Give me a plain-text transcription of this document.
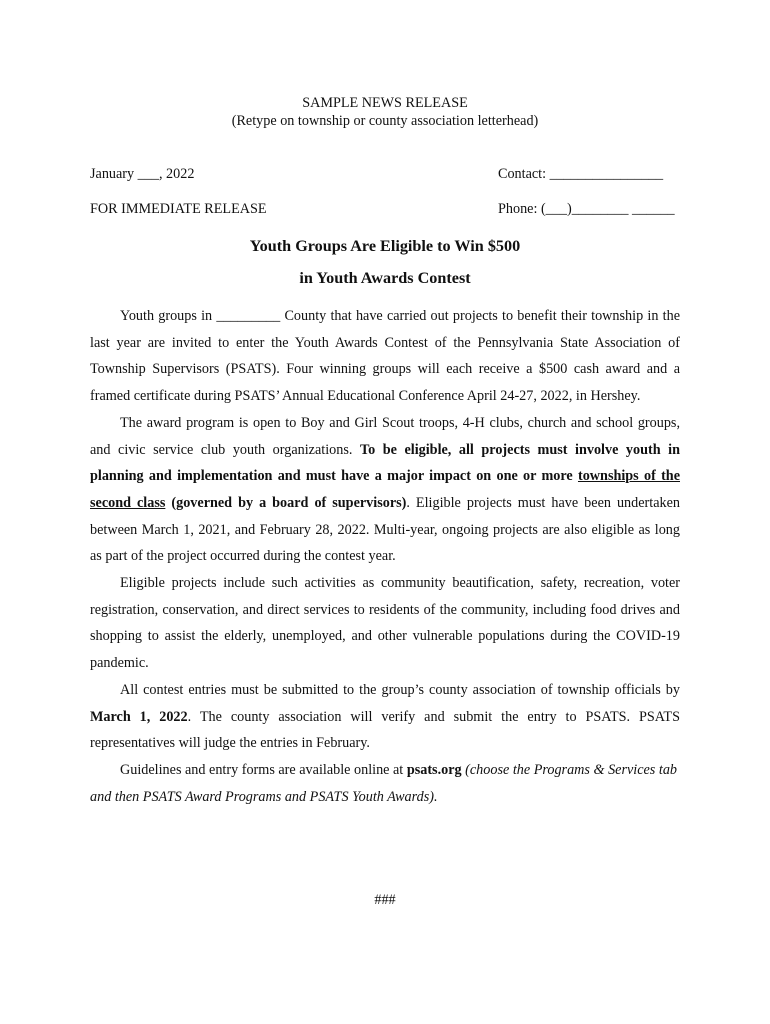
SAMPLE NEWS RELEASE
(Retype on township or county association letterhead)
January ___, 2022	Contact: ________________
FOR IMMEDIATE RELEASE	Phone: (___)________ ______
Youth Groups Are Eligible to Win $500
in Youth Awards Contest

Youth groups in _________ County that have carried out projects to benefit their township in the last year are invited to enter the Youth Awards Contest of the Pennsylvania State Association of Township Supervisors (PSATS). Four winning groups will each receive a $500 cash award and a framed certificate during PSATS’ Annual Educational Conference April 24-27, 2022, in Hershey.

The award program is open to Boy and Girl Scout troops, 4-H clubs, church and school groups, and civic service club youth organizations. To be eligible, all projects must involve youth in planning and implementation and must have a major impact on one or more townships of the second class (governed by a board of supervisors). Eligible projects must have been undertaken between March 1, 2021, and February 28, 2022. Multi-year, ongoing projects are also eligible as long as part of the project occurred during the contest year.

Eligible projects include such activities as community beautification, safety, recreation, voter registration, conservation, and direct services to residents of the community, including food drives and shopping to assist the elderly, unemployed, and other vulnerable populations during the COVID-19 pandemic.

All contest entries must be submitted to the group’s county association of township officials by March 1, 2022. The county association will verify and submit the entry to PSATS. PSATS representatives will judge the entries in February.

Guidelines and entry forms are available online at psats.org (choose the Programs & Services tab and then PSATS Award Programs and PSATS Youth Awards).

###
